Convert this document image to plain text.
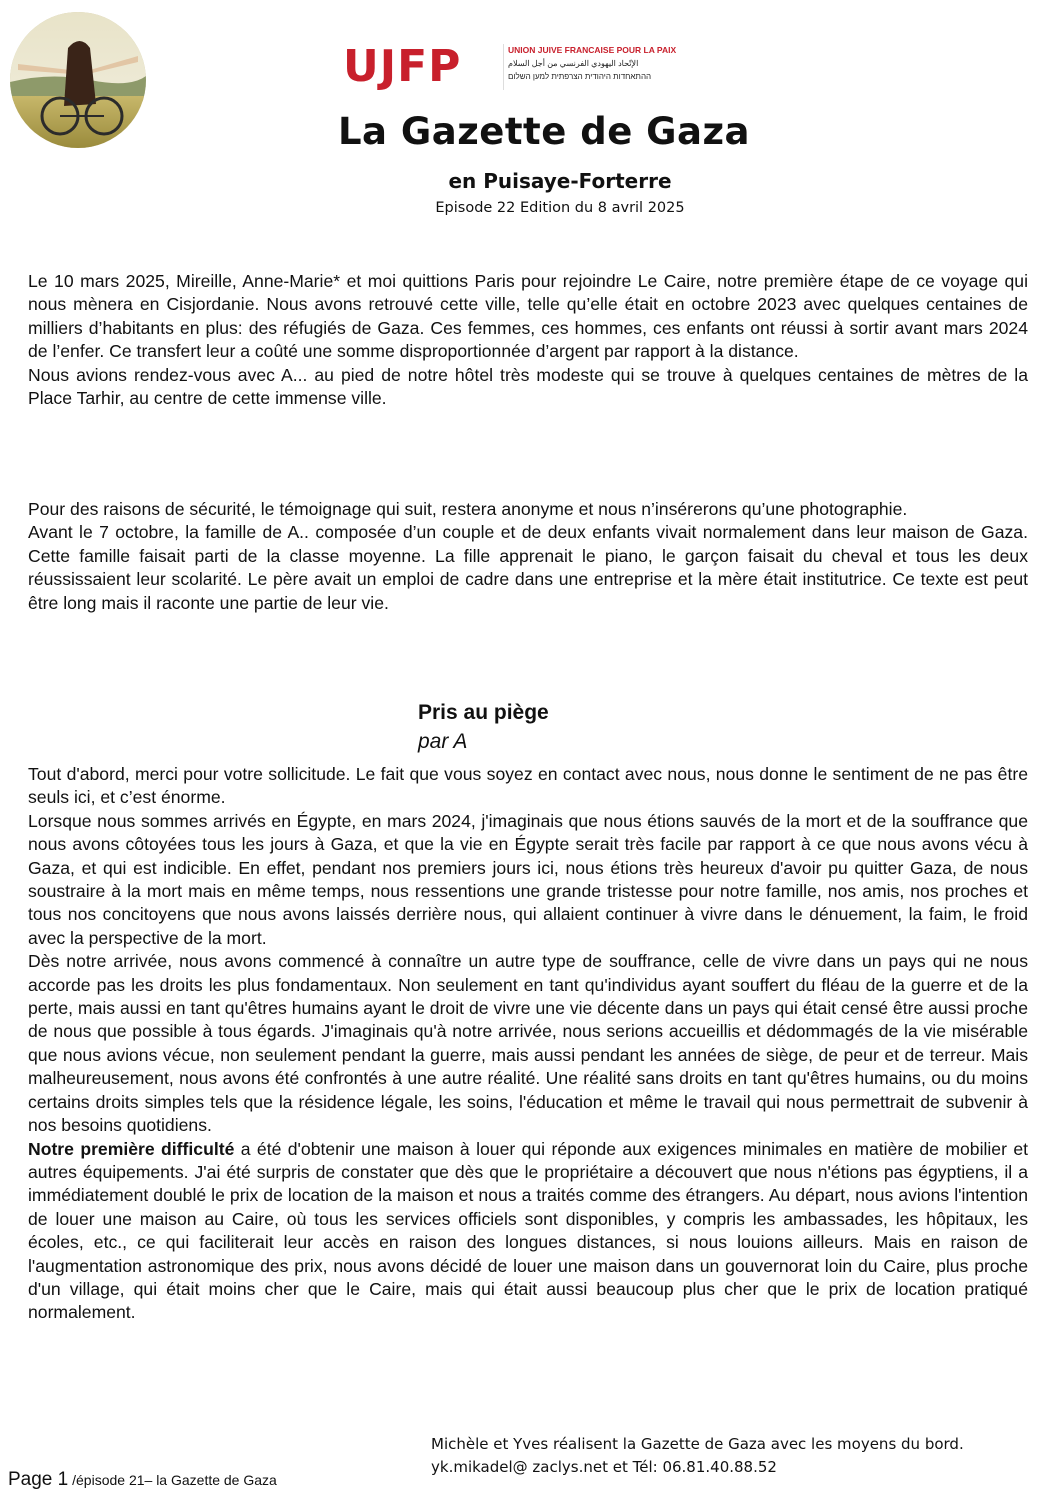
UJFP	UNION JUIVE FRANCAISE POUR LA PAIX
الإتّحاد اليهودي الفرنسي من أجل السلام
ההתאחדות היהודית הצרפתית למען השלום
La Gazette de Gaza
en Puisaye-Forterre
Episode 22 Edition du 8 avril 2025

Le 10 mars 2025, Mireille, Anne-Marie* et moi quittions Paris pour rejoindre Le Caire, notre première étape de ce voyage qui nous mènera en Cisjordanie. Nous avons retrouvé cette ville, telle qu’elle était en octobre 2023 avec quelques centaines de milliers d’habitants en plus: des réfugiés de Gaza. Ces femmes, ces hommes, ces enfants ont réussi à sortir avant mars 2024 de l’enfer. Ce transfert leur a coûté une somme disproportionnée d’argent par rapport à la distance.

Nous avions rendez-vous avec A... au pied de notre hôtel très modeste qui se trouve à quelques centaines de mètres de la Place Tarhir, au centre de cette immense ville.

Pour des raisons de sécurité, le témoignage qui suit, restera anonyme et nous n’insérerons qu’une photographie.

Avant le 7 octobre, la famille de A.. composée d’un couple et de deux enfants vivait normalement dans leur maison de Gaza. Cette famille faisait parti de la classe moyenne. La fille apprenait le piano, le garçon faisait du cheval et tous les deux réussissaient leur scolarité. Le père avait un emploi de cadre dans une entreprise et la mère était institutrice. Ce texte est peut être long mais il raconte une partie de leur vie.

Pris au piège
par A

Tout d'abord, merci pour votre sollicitude. Le fait que vous soyez en contact avec nous, nous donne le sentiment de ne pas être seuls ici, et c’est énorme.

Lorsque nous sommes arrivés en Égypte, en mars 2024, j'imaginais que nous étions sauvés de la mort et de la souffrance que nous avons côtoyées tous les jours à Gaza, et que la vie en Égypte serait très facile par rapport à ce que nous avons vécu à Gaza, et qui est indicible. En effet, pendant nos premiers jours ici, nous étions très heureux d'avoir pu quitter Gaza, de nous soustraire à la mort mais en même temps, nous ressentions une grande tristesse pour notre famille, nos amis, nos proches et tous nos concitoyens que nous avons laissés derrière nous, qui allaient continuer à vivre dans le dénuement, la faim, le froid avec la perspective de la mort.

Dès notre arrivée, nous avons commencé à connaître un autre type de souffrance, celle de vivre dans un pays qui ne nous accorde pas les droits les plus fondamentaux. Non seulement en tant qu'individus ayant souffert du fléau de la guerre et de la perte, mais aussi en tant qu'êtres humains ayant le droit de vivre une vie décente dans un pays qui était censé être aussi proche de nous que possible à tous égards. J'imaginais qu'à notre arrivée, nous serions accueillis et dédommagés de la vie misérable que nous avions vécue, non seulement pendant la guerre, mais aussi pendant les années de siège, de peur et de terreur. Mais malheureusement, nous avons été confrontés à une autre réalité. Une réalité sans droits en tant qu'êtres humains, ou du moins certains droits simples tels que la résidence légale, les soins, l'éducation et même le travail qui nous permettrait de subvenir à nos besoins quotidiens.

Notre première difficulté a été d'obtenir une maison à louer qui réponde aux exigences minimales en matière de mobilier et autres équipements. J'ai été surpris de constater que dès que le propriétaire a découvert que nous n'étions pas égyptiens, il a immédiatement doublé le prix de location de la maison et nous a traités comme des étrangers. Au départ, nous avions l'intention de louer une maison au Caire, où tous les services officiels sont disponibles, y compris les ambassades, les hôpitaux, les écoles, etc., ce qui faciliterait leur accès en raison des longues distances, si nous louions ailleurs. Mais en raison de l'augmentation astronomique des prix, nous avons décidé de louer une maison dans un gouvernorat loin du Caire, plus proche d'un village, qui était moins cher que le Caire, mais qui était aussi beaucoup plus cher que le prix de location pratiqué normalement.

Michèle et Yves réalisent la Gazette de Gaza avec les moyens du bord.
yk.mikadel@ zaclys.net et Tél: 06.81.40.88.52
Page 1 /épisode 21– la Gazette de Gaza
